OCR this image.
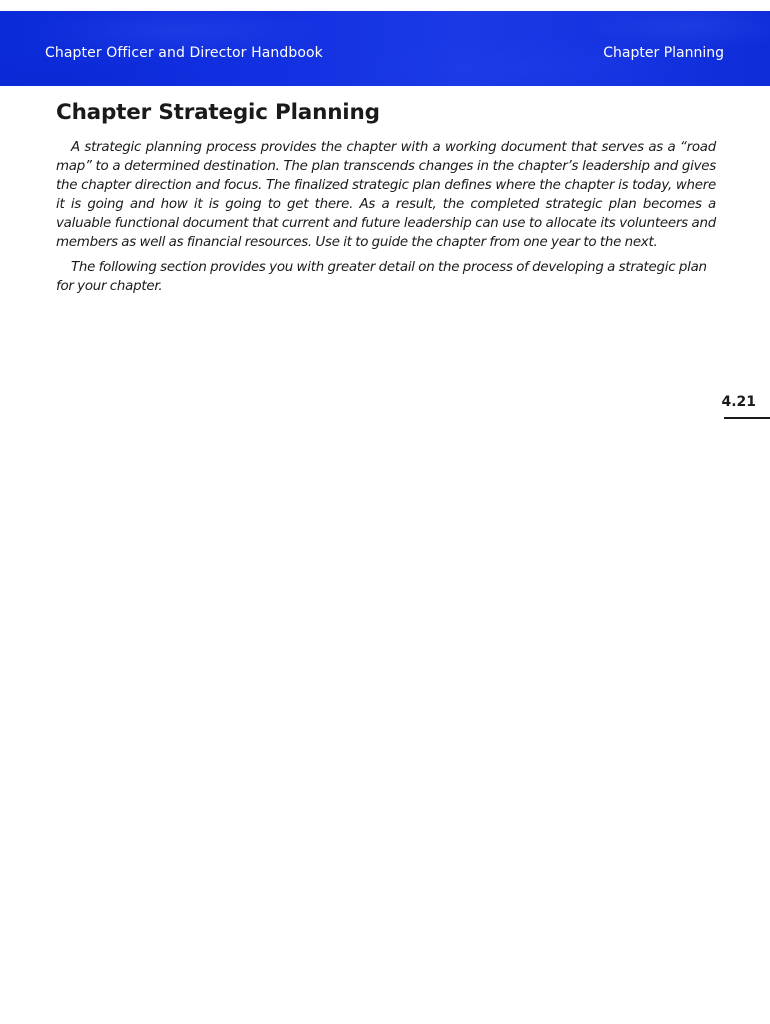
Chapter Officer and Director Handbook	Chapter Planning
Chapter Strategic Planning

A strategic planning process provides the chapter with a working document that serves as a “road map” to a determined destination. The plan transcends changes in the chapter’s leadership and gives the chapter direction and focus. The finalized strategic plan defines where the chapter is today, where it is going and how it is going to get there. As a result, the completed strategic plan becomes a valuable functional document that current and future leadership can use to allocate its volunteers and members as well as financial resources. Use it to guide the chapter from one year to the next.

The following section provides you with greater detail on the process of developing a strategic plan for your chapter.

4.21
